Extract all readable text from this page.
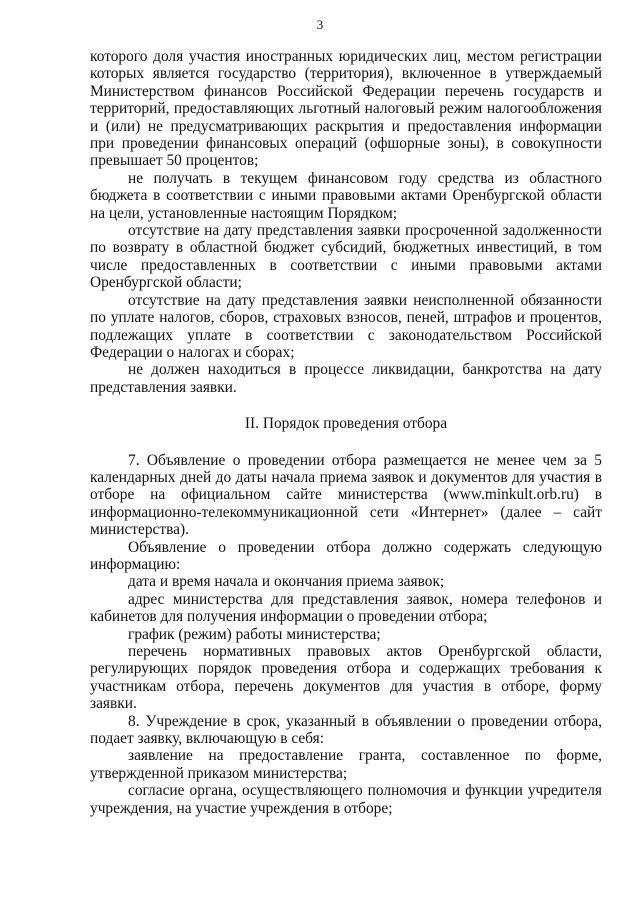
3

которого доля участия иностранных юридических лиц, местом регистрации которых является государство (территория), включенное в утверждаемый Министерством финансов Российской Федерации перечень государств и территорий, предоставляющих льготный налоговый режим налогообложения и (или) не предусматривающих раскрытия и предоставления информации при проведении финансовых операций (офшорные зоны), в совокупности превышает 50 процентов;

не получать в текущем финансовом году средства из областного бюджета в соответствии с иными правовыми актами Оренбургской области на цели, установленные настоящим Порядком;

отсутствие на дату представления заявки просроченной задолженности по возврату в областной бюджет субсидий, бюджетных инвестиций, в том числе предоставленных в соответствии с иными правовыми актами Оренбургской области;

отсутствие на дату представления заявки неисполненной обязанности по уплате налогов, сборов, страховых взносов, пеней, штрафов и процентов, подлежащих уплате в соответствии с законодательством Российской Федерации о налогах и сборах;

не должен находиться в процессе ликвидации, банкротства на дату представления заявки.

II. Порядок проведения отбора

7. Объявление о проведении отбора размещается не менее чем за 5 календарных дней до даты начала приема заявок и документов для участия в отборе на официальном сайте министерства (www.minkult.orb.ru) в информационно-телекоммуникационной сети «Интернет» (далее – сайт министерства).

Объявление о проведении отбора должно содержать следующую информацию:

дата и время начала и окончания приема заявок;

адрес министерства для представления заявок, номера телефонов и кабинетов для получения информации о проведении отбора;

график (режим) работы министерства;

перечень нормативных правовых актов Оренбургской области, регулирующих порядок проведения отбора и содержащих требования к участникам отбора, перечень документов для участия в отборе, форму заявки.

8. Учреждение в срок, указанный в объявлении о проведении отбора, подает заявку, включающую в себя:

заявление на предоставление гранта, составленное по форме, утвержденной приказом министерства;

согласие органа, осуществляющего полномочия и функции учредителя учреждения, на участие учреждения в отборе;
